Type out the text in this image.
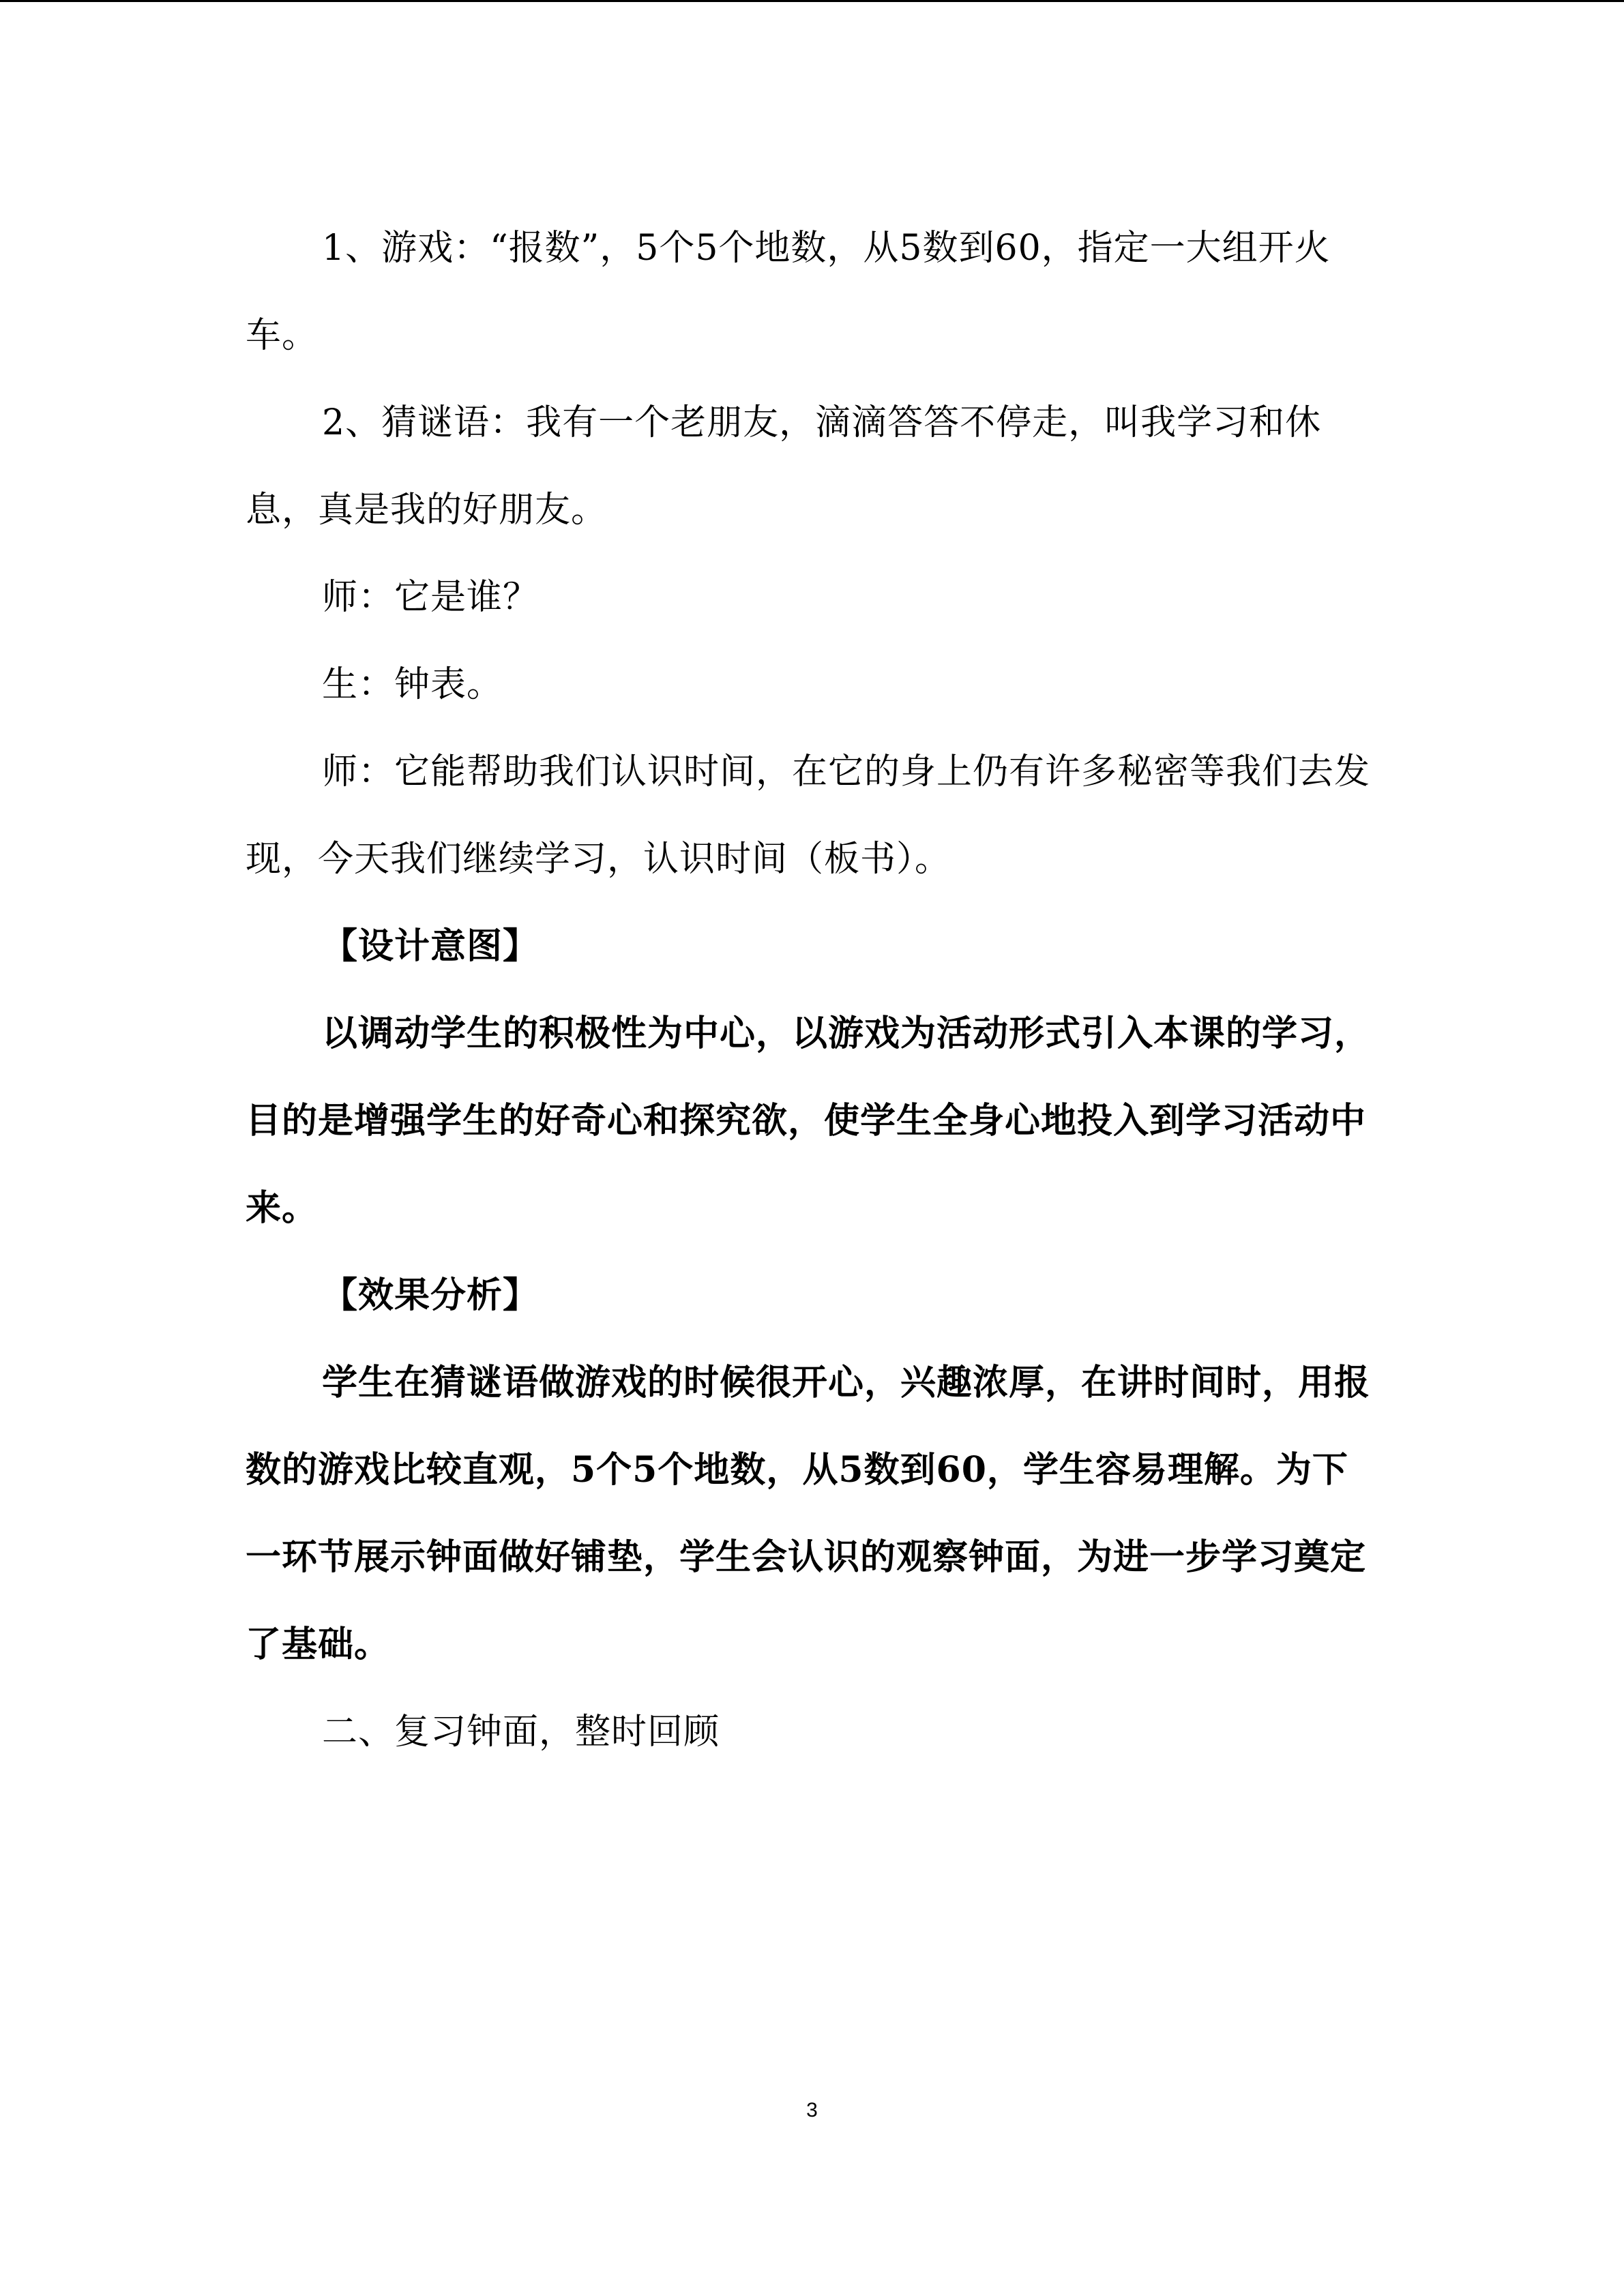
1、游戏：“报数”，5个5个地数，从5数到60，指定一大组开火车。

2、猜谜语：我有一个老朋友，滴滴答答不停走，叫我学习和休息，真是我的好朋友。

师：它是谁？

生：钟表。

师：它能帮助我们认识时间，在它的身上仍有许多秘密等我们去发现，今天我们继续学习，认识时间（板书）。

【设计意图】

以调动学生的积极性为中心，以游戏为活动形式引入本课的学习，目的是增强学生的好奇心和探究欲，使学生全身心地投入到学习活动中来。

【效果分析】

学生在猜谜语做游戏的时候很开心，兴趣浓厚，在讲时间时，用报数的游戏比较直观，5个5个地数，从5数到60，学生容易理解。为下一环节展示钟面做好铺垫，学生会认识的观察钟面，为进一步学习奠定了基础。

二、复习钟面，整时回顾

3
